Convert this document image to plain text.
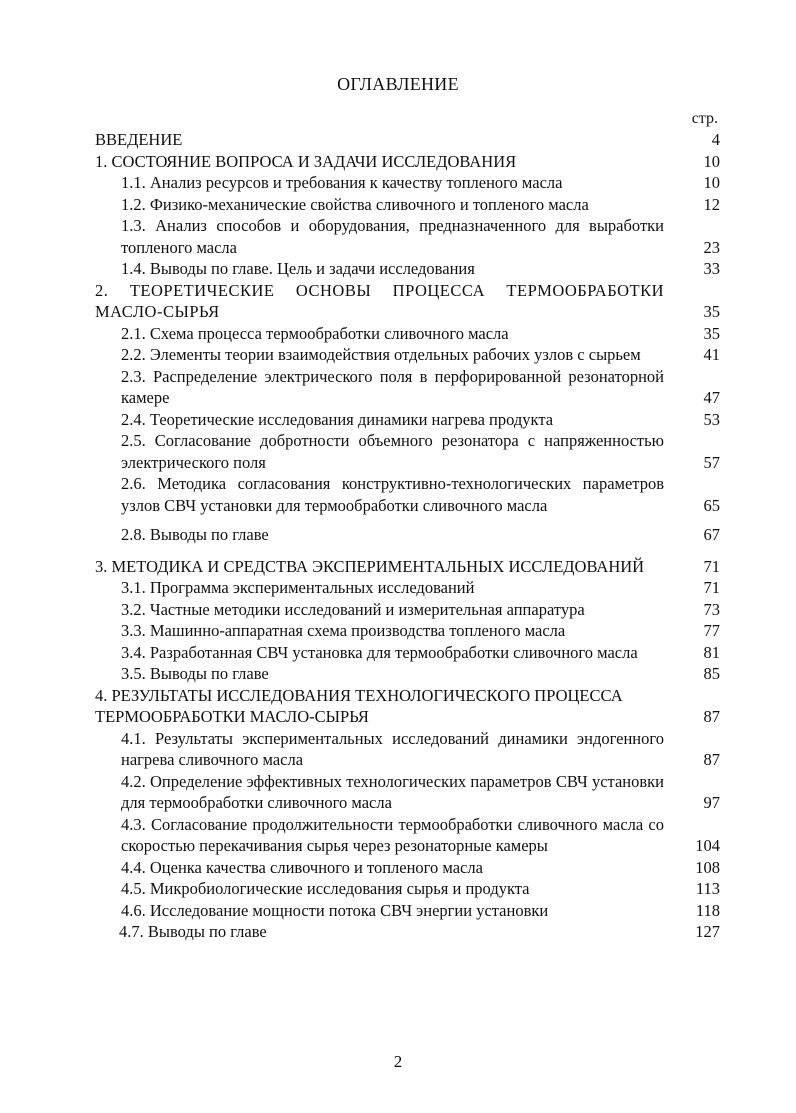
ОГЛАВЛЕНИЕ
стр.
ВВЕДЕНИЕ	4
1. СОСТОЯНИЕ ВОПРОСА И ЗАДАЧИ ИССЛЕДОВАНИЯ	10
1.1. Анализ ресурсов и требования к качеству топленого масла	10
1.2. Физико-механические свойства сливочного и топленого масла	12
1.3. Анализ способов и оборудования, предназначенного для выработки топленого масла	23
1.4. Выводы по главе. Цель и задачи исследования	33
2. ТЕОРЕТИЧЕСКИЕ ОСНОВЫ ПРОЦЕССА ТЕРМООБРАБОТКИ МАСЛО-СЫРЬЯ	35
2.1. Схема процесса термообработки сливочного масла	35
2.2. Элементы теории взаимодействия отдельных рабочих узлов с сырьем	41
2.3. Распределение электрического поля в перфорированной резонаторной камере	47
2.4. Теоретические исследования динамики нагрева продукта	53
2.5. Согласование добротности объемного резонатора с напряженностью электрического поля	57
2.6. Методика согласования конструктивно-технологических параметров узлов СВЧ установки для термообработки сливочного масла	65
2.8. Выводы по главе	67
3. МЕТОДИКА И СРЕДСТВА ЭКСПЕРИМЕНТАЛЬНЫХ ИССЛЕДОВАНИЙ	71
3.1. Программа экспериментальных исследований	71
3.2. Частные методики исследований и измерительная аппаратура	73
3.3. Машинно-аппаратная схема производства топленого масла	77
3.4. Разработанная СВЧ установка для термообработки сливочного масла	81
3.5. Выводы по главе	85
4. РЕЗУЛЬТАТЫ ИССЛЕДОВАНИЯ ТЕХНОЛОГИЧЕСКОГО ПРОЦЕССА ТЕРМООБРАБОТКИ МАСЛО-СЫРЬЯ	87
4.1. Результаты экспериментальных исследований динамики эндогенного нагрева сливочного масла	87
4.2. Определение эффективных технологических параметров СВЧ установки для термообработки сливочного масла	97
4.3. Согласование продолжительности термообработки сливочного масла со скоростью перекачивания сырья через резонаторные камеры	104
4.4. Оценка качества сливочного и топленого масла	108
4.5. Микробиологические исследования сырья и продукта	113
4.6. Исследование мощности потока СВЧ энергии установки	118
4.7. Выводы по главе	127
2
